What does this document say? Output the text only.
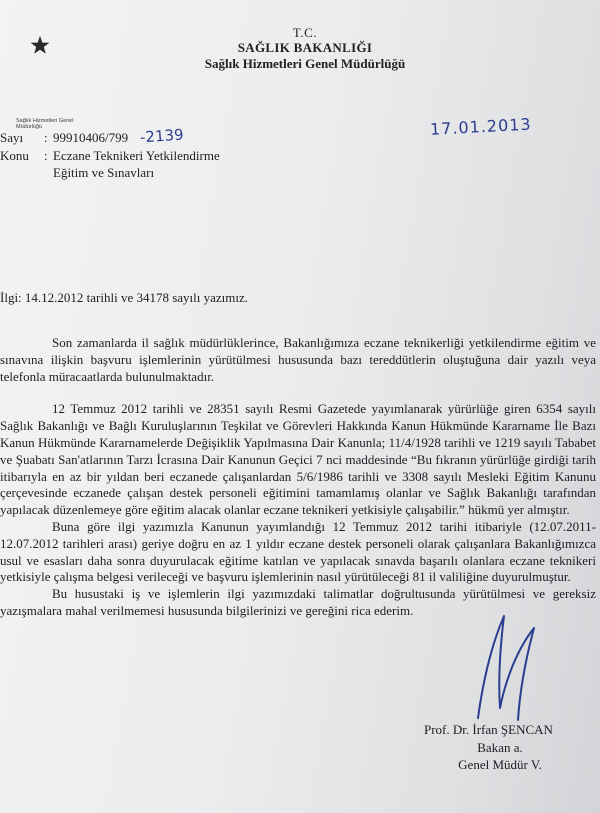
Sağlık Hizmetleri Genel Müdürlüğü
T.C.
SAĞLIK BAKANLIĞI
Sağlık Hizmetleri Genel Müdürlüğü
17.01.2013
Sayı : 99910406/799 -2139
Konu : Eczane Teknikeri Yetkilendirme
Eğitim ve Sınavları
İlgi: 14.12.2012 tarihli ve 34178 sayılı yazımız.

Son zamanlarda il sağlık müdürlüklerince, Bakanlığımıza eczane teknikerliği yetkilendirme eğitim ve sınavına ilişkin başvuru işlemlerinin yürütülmesi hususunda bazı tereddütlerin oluştuğuna dair yazılı veya telefonla müracaatlarda bulunulmaktadır.

12 Temmuz 2012 tarihli ve 28351 sayılı Resmi Gazetede yayımlanarak yürürlüğe giren 6354 sayılı Sağlık Bakanlığı ve Bağlı Kuruluşlarının Teşkilat ve Görevleri Hakkında Kanun Hükmünde Kararname İle Bazı Kanun Hükmünde Kararnamelerde Değişiklik Yapılmasına Dair Kanunla; 11/4/1928 tarihli ve 1219 sayılı Tababet ve Şuabatı San'atlarının Tarzı İcrasına Dair Kanunun Geçici 7 nci maddesinde “Bu fıkranın yürürlüğe girdiği tarih itibarıyla en az bir yıldan beri eczanede çalışanlardan 5/6/1986 tarihli ve 3308 sayılı Mesleki Eğitim Kanunu çerçevesinde eczanede çalışan destek personeli eğitimini tamamlamış olanlar ve Sağlık Bakanlığı tarafından yapılacak düzenlemeye göre eğitim alacak olanlar eczane teknikeri yetkisiyle çalışabilir.” hükmü yer almıştır.

Buna göre ilgi yazımızla Kanunun yayımlandığı 12 Temmuz 2012 tarihi itibariyle (12.07.2011-12.07.2012 tarihleri arası) geriye doğru en az 1 yıldır eczane destek personeli olarak çalışanlara Bakanlığımızca usul ve esasları daha sonra duyurulacak eğitime katılan ve yapılacak sınavda başarılı olanlara eczane teknikeri yetkisiyle çalışma belgesi verileceği ve başvuru işlemlerinin nasıl yürütüleceği 81 il valiliğine duyurulmuştur.

Bu husustaki iş ve işlemlerin ilgi yazımızdaki talimatlar doğrultusunda yürütülmesi ve gereksiz yazışmalara mahal verilmemesi hususunda bilgilerinizi ve gereğini rica ederim.

Prof. Dr. İrfan ŞENCAN
Bakan a.
Genel Müdür V.
